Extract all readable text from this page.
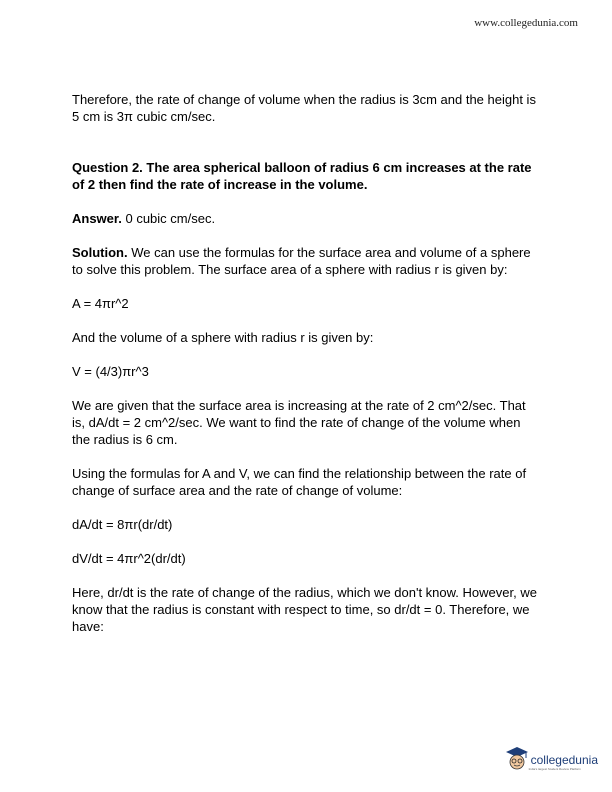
www.collegedunia.com

Therefore, the rate of change of volume when the radius is 3cm and the height is 5 cm is 3π cubic cm/sec.

Question 2. The area spherical balloon of radius 6 cm increases at the rate of 2 then find the rate of increase in the volume.

Answer. 0 cubic cm/sec.

Solution. We can use the formulas for the surface area and volume of a sphere to solve this problem. The surface area of a sphere with radius r is given by:

A = 4πr^2

And the volume of a sphere with radius r is given by:

V = (4/3)πr^3

We are given that the surface area is increasing at the rate of 2 cm^2/sec. That is, dA/dt = 2 cm^2/sec. We want to find the rate of change of the volume when the radius is 6 cm.

Using the formulas for A and V, we can find the relationship between the rate of change of surface area and the rate of change of volume:

dA/dt = 8πr(dr/dt)

dV/dt = 4πr^2(dr/dt)

Here, dr/dt is the rate of change of the radius, which we don't know. However, we know that the radius is constant with respect to time, so dr/dt = 0. Therefore, we have:

collegedunia
India's largest Student Review Platform
